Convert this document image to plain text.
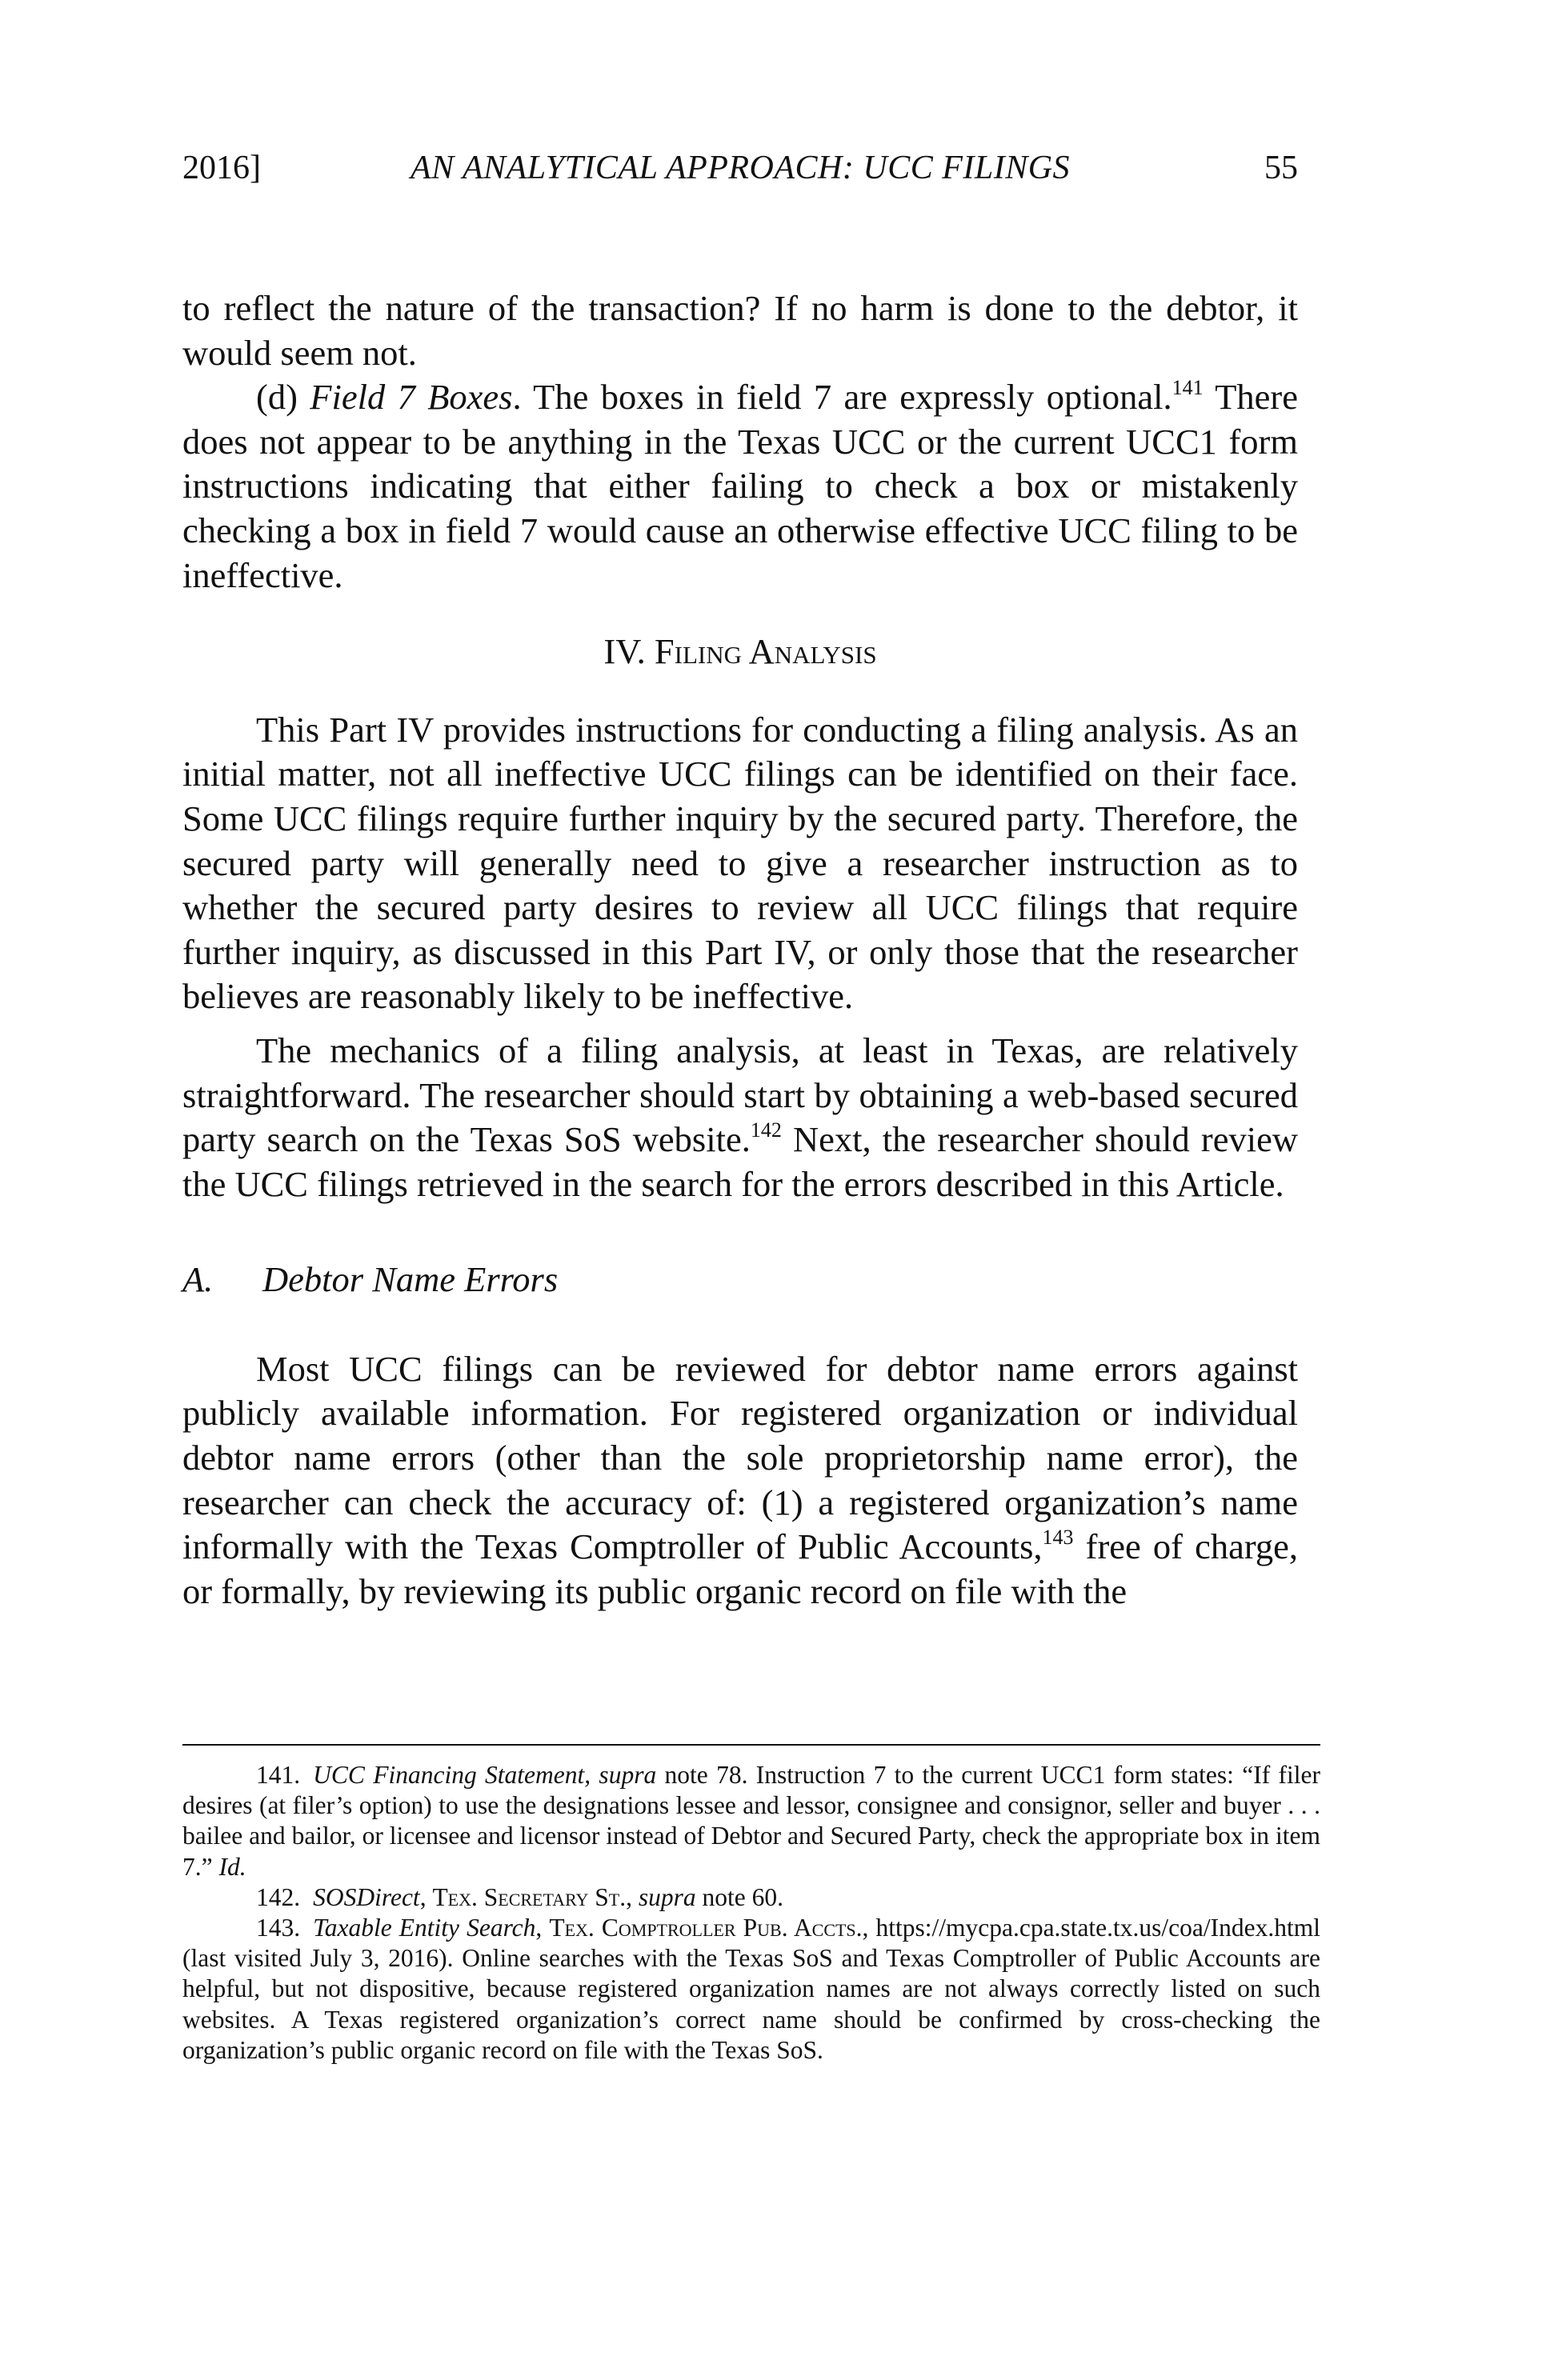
2016]	AN ANALYTICAL APPROACH: UCC FILINGS	55

to reflect the nature of the transaction? If no harm is done to the debtor, it would seem not.

(d) Field 7 Boxes. The boxes in field 7 are expressly optional.$^{141}$ There does not appear to be anything in the Texas UCC or the current UCC1 form instructions indicating that either failing to check a box or mistakenly checking a box in field 7 would cause an otherwise effective UCC filing to be ineffective.

IV. Filing Analysis

This Part IV provides instructions for conducting a filing analysis. As an initial matter, not all ineffective UCC filings can be identified on their face. Some UCC filings require further inquiry by the secured party. Therefore, the secured party will generally need to give a researcher instruction as to whether the secured party desires to review all UCC filings that require further inquiry, as discussed in this Part IV, or only those that the researcher believes are reasonably likely to be ineffective.

The mechanics of a filing analysis, at least in Texas, are relatively straightforward. The researcher should start by obtaining a web-based secured party search on the Texas SoS website.$^{142}$ Next, the researcher should review the UCC filings retrieved in the search for the errors described in this Article.

A. Debtor Name Errors

Most UCC filings can be reviewed for debtor name errors against publicly available information. For registered organization or individual debtor name errors (other than the sole proprietorship name error), the researcher can check the accuracy of: (1) a registered organization’s name informally with the Texas Comptroller of Public Accounts,$^{143}$ free of charge, or formally, by reviewing its public organic record on file with the

141. UCC Financing Statement, supra note 78. Instruction 7 to the current UCC1 form states: “If filer desires (at filer’s option) to use the designations lessee and lessor, consignee and consignor, seller and buyer . . . bailee and bailor, or licensee and licensor instead of Debtor and Secured Party, check the appropriate box in item 7.” Id.

142. SOSDirect, Tex. Secretary St., supra note 60.

143. Taxable Entity Search, Tex. Comptroller Pub. Accts., https://mycpa.cpa.state.tx.us/coa/Index.html (last visited July 3, 2016). Online searches with the Texas SoS and Texas Comptroller of Public Accounts are helpful, but not dispositive, because registered organization names are not always correctly listed on such websites. A Texas registered organization’s correct name should be confirmed by cross-checking the organization’s public organic record on file with the Texas SoS.
